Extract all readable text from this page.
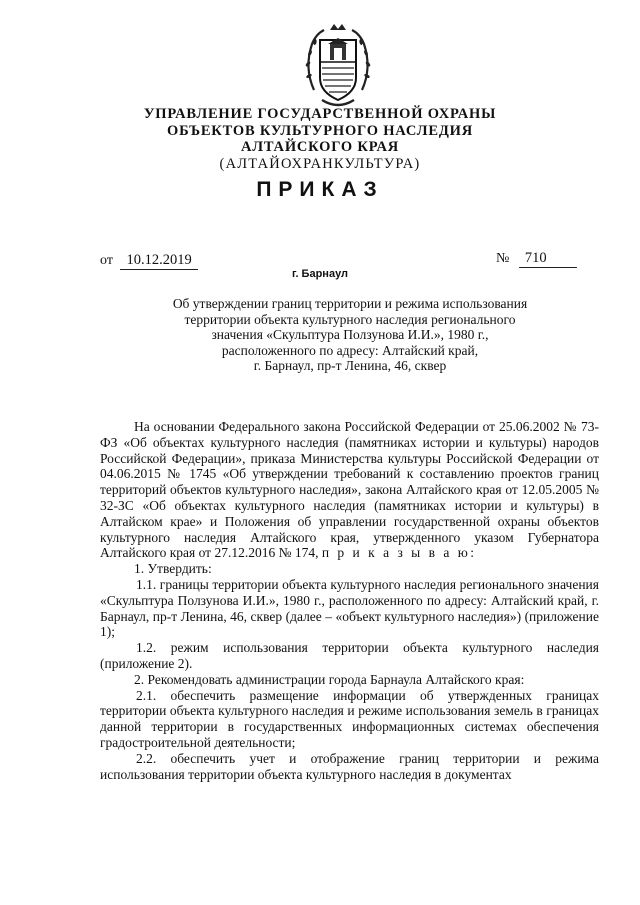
УПРАВЛЕНИЕ ГОСУДАРСТВЕННОЙ ОХРАНЫ
ОБЪЕКТОВ КУЛЬТУРНОГО НАСЛЕДИЯ
АЛТАЙСКОГО КРАЯ
(АЛТАЙОХРАНКУЛЬТУРА)
ПРИКАЗ
от 10.12.2019	№ 710
г. Барнаул
Об утверждении границ территории и режима использования
территории объекта культурного наследия регионального
значения «Скульптура Ползунова И.И.», 1980 г.,
расположенного по адресу: Алтайский край,
г. Барнаул, пр-т Ленина, 46, сквер

На основании Федерального закона Российской Федерации от 25.06.2002 № 73-ФЗ «Об объектах культурного наследия (памятниках истории и культуры) народов Российской Федерации», приказа Министерства культуры Российской Федерации от 04.06.2015 № 1745 «Об утверждении требований к составлению проектов границ территорий объектов культурного наследия», закона Алтайского края от 12.05.2005 № 32-ЗС «Об объектах культурного наследия (памятниках истории и культуры) в Алтайском крае» и Положения об управлении государственной охраны объектов культурного наследия Алтайского края, утвержденного указом Губернатора Алтайского края от 27.12.2016 № 174, п р и к а з ы в а ю:

1. Утвердить:

1.1. границы территории объекта культурного наследия регионального значения «Скульптура Ползунова И.И.», 1980 г., расположенного по адресу: Алтайский край, г. Барнаул, пр-т Ленина, 46, сквер (далее – «объект культурного наследия») (приложение 1);

1.2. режим использования территории объекта культурного наследия (приложение 2).

2. Рекомендовать администрации города Барнаула Алтайского края:

2.1. обеспечить размещение информации об утвержденных границах территории объекта культурного наследия и режиме использования земель в границах данной территории в государственных информационных системах обеспечения градостроительной деятельности;

2.2. обеспечить учет и отображение границ территории и режима использования территории объекта культурного наследия в документах
